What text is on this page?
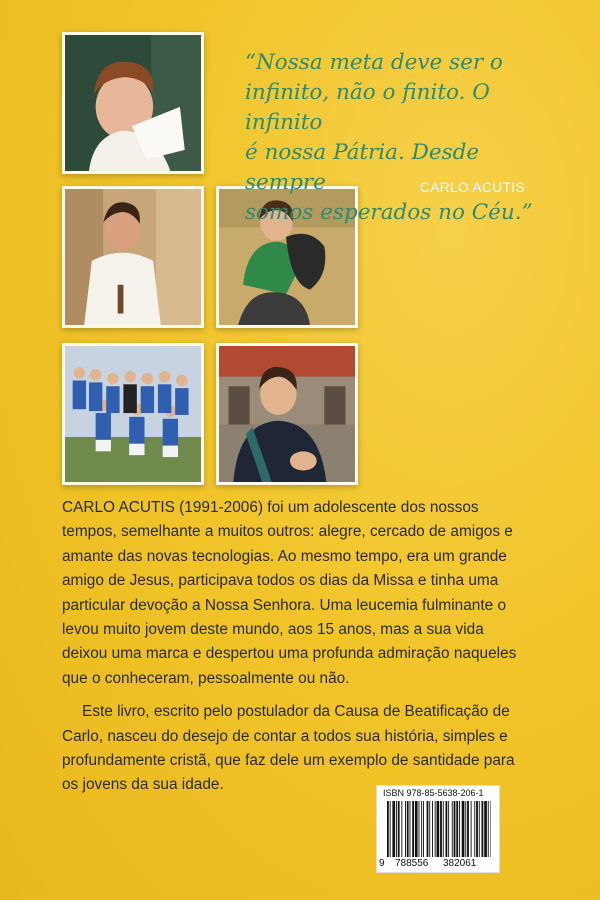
“Nossa meta deve ser o
infinito, não o finito. O infinito
é nossa Pátria. Desde sempre
somos esperados no Céu.”
CARLO ACUTIS

CARLO ACUTIS (1991-2006) foi um adolescente dos nossos tempos, semelhante a muitos outros: alegre, cercado de amigos e amante das novas tecnologias. Ao mesmo tempo, era um grande amigo de Jesus, participava todos os dias da Missa e tinha uma particular devoção a Nossa Senhora. Uma leucemia fulminante o levou muito jovem deste mundo, aos 15 anos, mas a sua vida deixou uma marca e despertou uma profunda admiração naqueles que o conheceram, pessoalmente ou não.

Este livro, escrito pelo postulador da Causa de Beatificação de Carlo, nasceu do desejo de contar a todos sua história, simples e profundamente cristã, que faz dele um exemplo de santidade para os jovens da sua idade.	ISBN 978-85-5638-206-1
9 788556 382061
